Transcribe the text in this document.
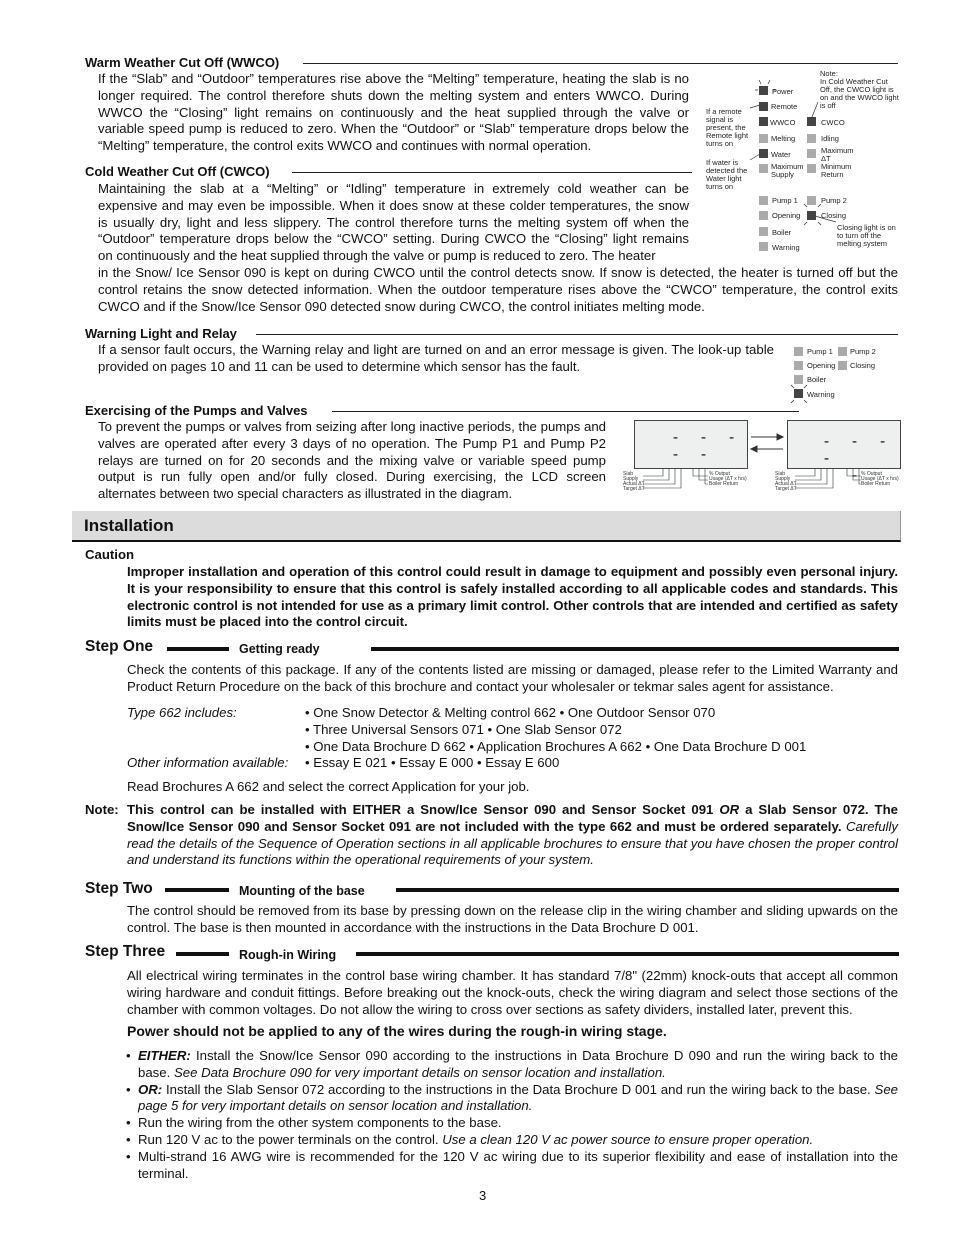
Warm Weather Cut Off (WWCO)
If the “Slab” and “Outdoor” temperatures rise above the “Melting” temperature, heating the slab is no longer required. The control therefore shuts down the melting system and enters WWCO. During WWCO the “Closing” light remains on continuously and the heat supplied through the valve or variable speed pump is reduced to zero. When the “Outdoor” or “Slab” temperature drops below the “Melting” temperature, the control exits WWCO and continues with normal operation.
Cold Weather Cut Off (CWCO)
Maintaining the slab at a “Melting” or “Idling” temperature in extremely cold weather can be expensive and may even be impossible. When it does snow at these colder temperatures, the snow is usually dry, light and less slippery. The control therefore turns the melting system off when the “Outdoor” temperature drops below the “CWCO” setting. During CWCO the “Closing” light remains on continuously and the heat supplied through the valve or pump is reduced to zero. The heater
in the Snow/ Ice Sensor 090 is kept on during CWCO until the control detects snow. If snow is detected, the heater is turned off but the control retains the snow detected information. When the outdoor temperature rises above the “CWCO” temperature, the control exits CWCO and if the Snow/Ice Sensor 090 detected snow during CWCO, the control initiates melting mode.
Note:
In Cold Weather Cut Off, the CWCO light is on and the WWCO light is off
If a remote signal is present, the Remote light turns on
If water is detected the Water light turns on
Closing light is on to turn off the melting system
Power
Remote
WWCO
Melting
Water
Maximum Supply
CWCO
Idling
Maximum ΔT
Minimum Return
Pump 1
Opening
Boiler
Warning
Pump 2
Closing
Warning Light and Relay
If a sensor fault occurs, the Warning relay and light are turned on and an error message is given. The look-up table provided on pages 10 and 11 can be used to determine which sensor has the fault.
Pump 1
Opening
Boiler
Warning
Pump 2
Closing
Exercising of the Pumps and Valves
To prevent the pumps or valves from seizing after long inactive periods, the pumps and valves are operated after every 3 days of no operation. The Pump P1 and Pump P2 relays are turned on for 20 seconds and the mixing valve or variable speed pump output is run fully open and/or fully closed. During exercising, the LCD screen alternates between two special characters as illustrated in the diagram.
- - -
- -
- - - -
-
Slab
Supply
Actual ΔT
Target ΔT
% Output
Usage (ΔT x hrs)
Boiler Return
Slab
Supply
Actual ΔT
Target ΔT
% Output
Usage (ΔT x hrs)
Boiler Return
Installation
Caution
Improper installation and operation of this control could result in damage to equipment and possibly even personal injury. It is your responsibility to ensure that this control is safely installed according to all applicable codes and standards. This electronic control is not intended for use as a primary limit control. Other controls that are intended and certified as safety limits must be placed into the control circuit.
Step One	Getting ready
Check the contents of this package. If any of the contents listed are missing or damaged, please refer to the Limited Warranty and Product Return Procedure on the back of this brochure and contact your wholesaler or tekmar sales agent for assistance.
Type 662 includes:	• One Snow Detector & Melting control 662 • One Outdoor Sensor 070
• Three Universal Sensors 071 • One Slab Sensor 072
• One Data Brochure D 662 • Application Brochures A 662 • One Data Brochure D 001
Other information available: • Essay E 021 • Essay E 000 • Essay E 600
Read Brochures A 662 and select the correct Application for your job.
Note: This control can be installed with EITHER a Snow/Ice Sensor 090 and Sensor Socket 091 OR a Slab Sensor 072. The Snow/Ice Sensor 090 and Sensor Socket 091 are not included with the type 662 and must be ordered separately. Carefully read the details of the Sequence of Operation sections in all applicable brochures to ensure that you have chosen the proper control and understand its functions within the operational requirements of your system.
Step Two	Mounting of the base
The control should be removed from its base by pressing down on the release clip in the wiring chamber and sliding upwards on the control. The base is then mounted in accordance with the instructions in the Data Brochure D 001.
Step Three	Rough-in Wiring
All electrical wiring terminates in the control base wiring chamber. It has standard 7/8" (22mm) knock-outs that accept all common wiring hardware and conduit fittings. Before breaking out the knock-outs, check the wiring diagram and select those sections of the chamber with common voltages. Do not allow the wiring to cross over sections as safety dividers, installed later, prevent this.
Power should not be applied to any of the wires during the rough-in wiring stage.
• EITHER: Install the Snow/Ice Sensor 090 according to the instructions in Data Brochure D 090 and run the wiring back to the base. See Data Brochure 090 for very important details on sensor location and installation.
• OR: Install the Slab Sensor 072 according to the instructions in the Data Brochure D 001 and run the wiring back to the base. See page 5 for very important details on sensor location and installation.
• Run the wiring from the other system components to the base.
• Run 120 V ac to the power terminals on the control. Use a clean 120 V ac power source to ensure proper operation.
• Multi-strand 16 AWG wire is recommended for the 120 V ac wiring due to its superior flexibility and ease of installation into the terminal.
3
